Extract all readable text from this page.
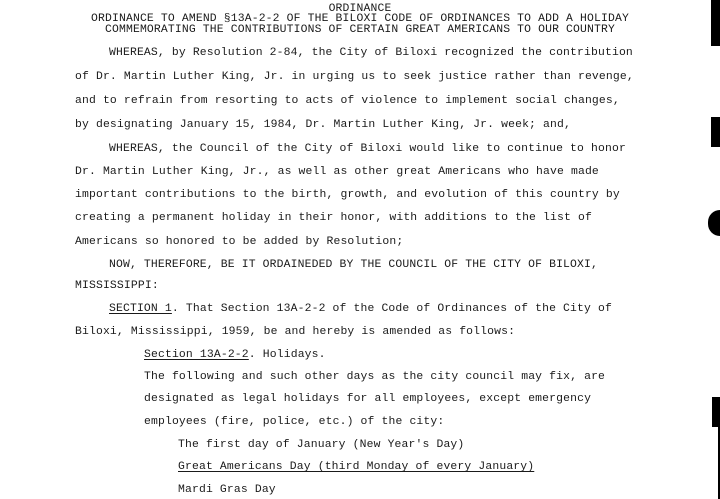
ORDINANCE
ORDINANCE TO AMEND §13A-2-2 OF THE BILOXI CODE OF ORDINANCES TO ADD A HOLIDAY
COMMEMORATING THE CONTRIBUTIONS OF CERTAIN GREAT AMERICANS TO OUR COUNTRY
WHEREAS, by Resolution 2-84, the City of Biloxi recognized the contribution
of Dr. Martin Luther King, Jr. in urging us to seek justice rather than revenge,
and to refrain from resorting to acts of violence to implement social changes,
by designating January 15, 1984, Dr. Martin Luther King, Jr. week; and,
WHEREAS, the Council of the City of Biloxi would like to continue to honor
Dr. Martin Luther King, Jr., as well as other great Americans who have made
important contributions to the birth, growth, and evolution of this country by
creating a permanent holiday in their honor, with additions to the list of
Americans so honored to be added by Resolution;
NOW, THEREFORE, BE IT ORDAINEDED BY THE COUNCIL OF THE CITY OF BILOXI,
MISSISSIPPI:
SECTION 1. That Section 13A-2-2 of the Code of Ordinances of the City of
Biloxi, Mississippi, 1959, be and hereby is amended as follows:
Section 13A-2-2. Holidays.
The following and such other days as the city council may fix, are
designated as legal holidays for all employees, except emergency
employees (fire, police, etc.) of the city:
The first day of January (New Year's Day)
Great Americans Day (third Monday of every January)
Mardi Gras Day
